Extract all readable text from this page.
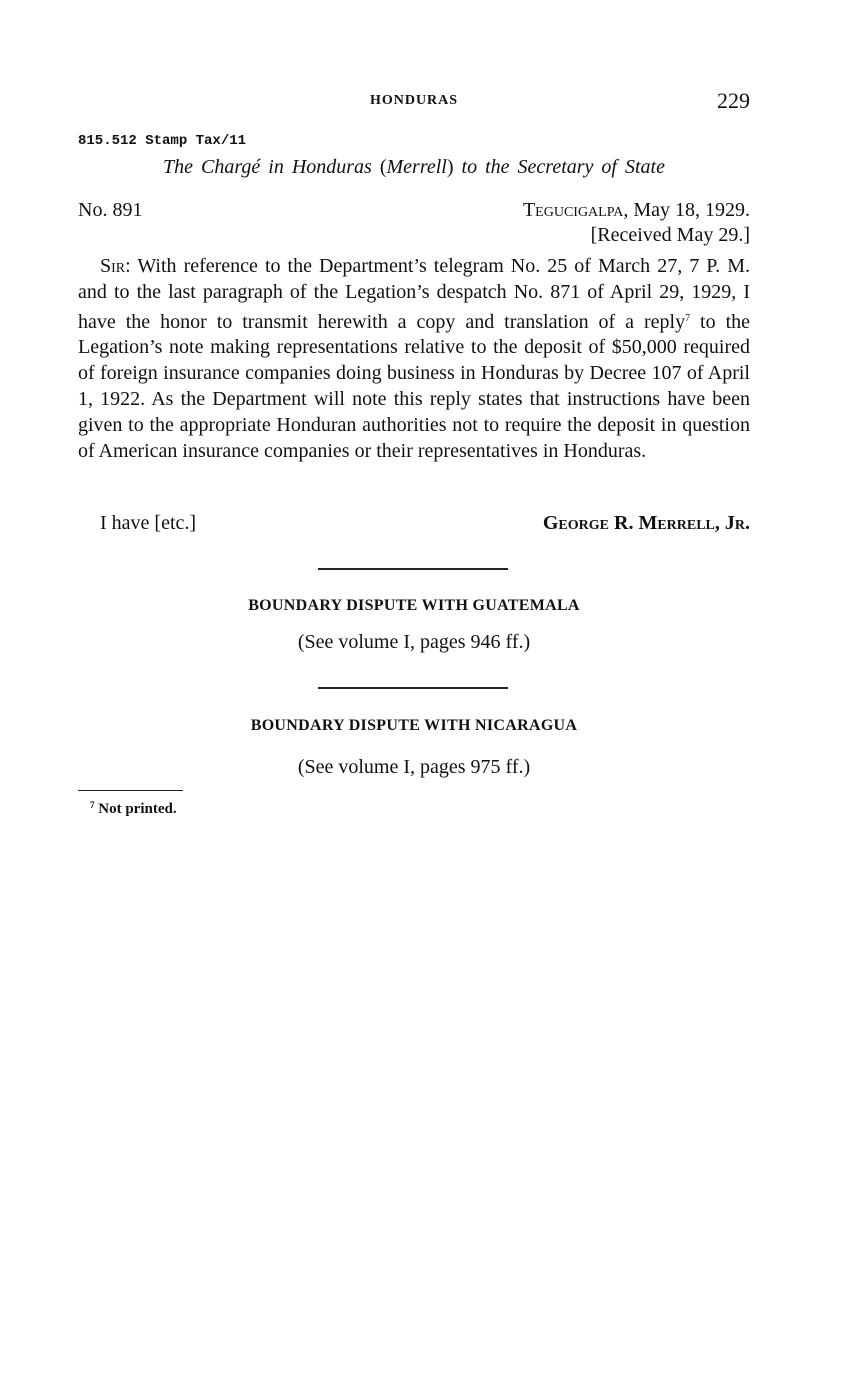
HONDURAS	229
815.512 Stamp Tax/11
The Chargé in Honduras (Merrell) to the Secretary of State
No. 891	Tegucigalpa, May 18, 1929.
[Received May 29.]

Sir: With reference to the Department’s telegram No. 25 of March 27, 7 P. M. and to the last paragraph of the Legation’s despatch No. 871 of April 29, 1929, I have the honor to transmit herewith a copy and translation of a reply$^7$ to the Legation’s note making representations relative to the deposit of $50,000 required of foreign insurance companies doing business in Honduras by Decree 107 of April 1, 1922. As the Department will note this reply states that instructions have been given to the appropriate Honduran authorities not to require the deposit in question of American insurance companies or their representatives in Honduras.

I have [etc.]	George R. Merrell, Jr.
BOUNDARY DISPUTE WITH GUATEMALA
(See volume I, pages 946 ff.)
BOUNDARY DISPUTE WITH NICARAGUA
(See volume I, pages 975 ff.)
$^7$ Not printed.
